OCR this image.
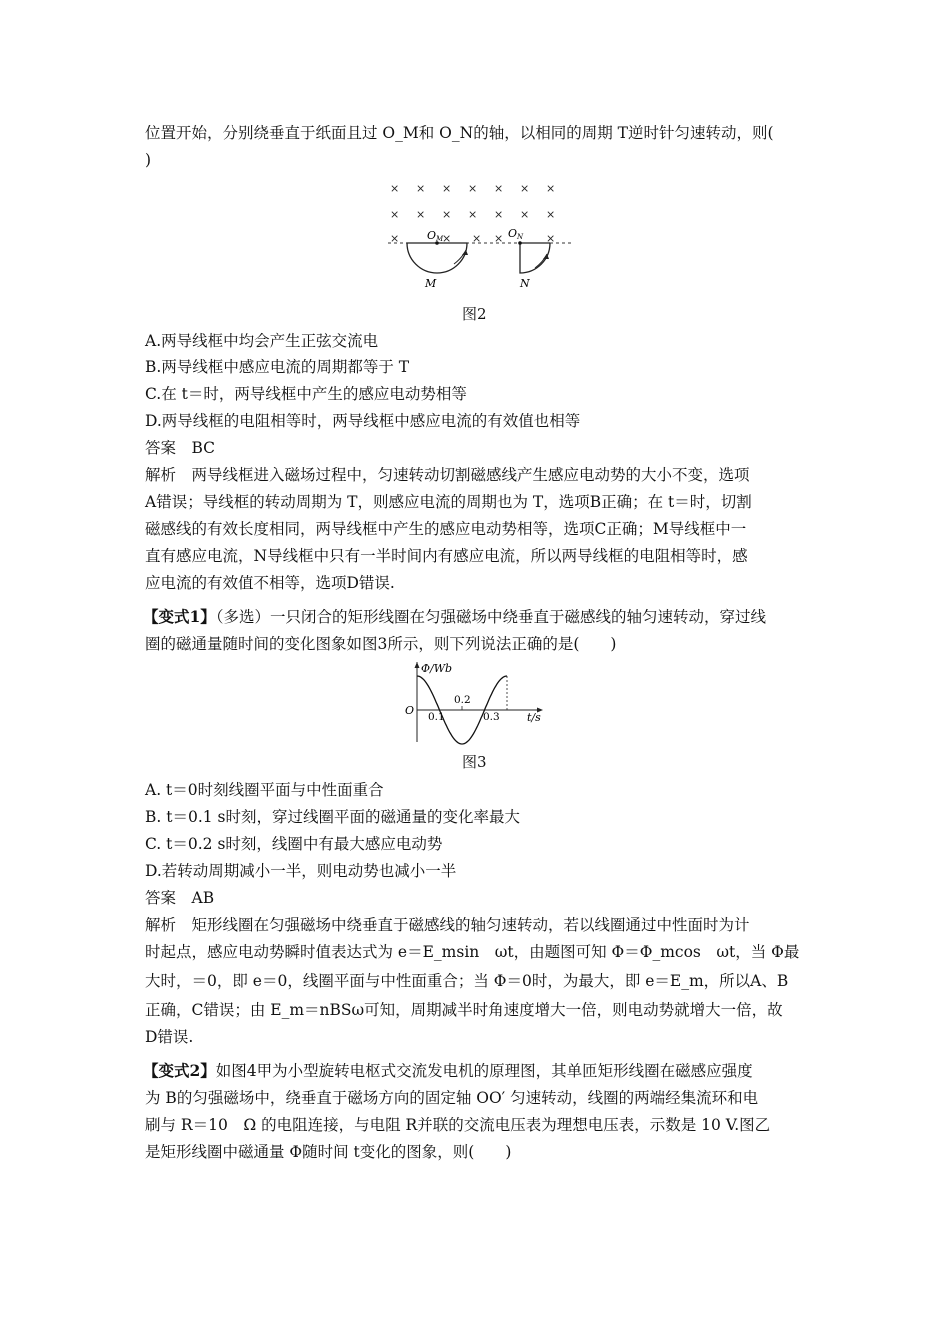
位置开始，分别绕垂直于纸面且过 O_M和 O_N的轴，以相同的周期 T逆时针匀速转动，则(
)
× × × × × × ×
× × × × × × ×
×	× × ×	×
OM	ON
M	N
图2
A.两导线框中均会产生正弦交流电
B.两导线框中感应电流的周期都等于 T
C.在 t＝时，两导线框中产生的感应电动势相等
D.两导线框的电阻相等时，两导线框中感应电流的有效值也相等
答案　BC
解析　两导线框进入磁场过程中，匀速转动切割磁感线产生感应电动势的大小不变，选项
A错误；导线框的转动周期为 T，则感应电流的周期也为 T，选项B正确；在 t＝时，切割
磁感线的有效长度相同，两导线框中产生的感应电动势相等，选项C正确；M导线框中一
直有感应电流，N导线框中只有一半时间内有感应电流，所以两导线框的电阻相等时，感
应电流的有效值不相等，选项D错误.
【变式1】（多选）一只闭合的矩形线圈在匀强磁场中绕垂直于磁感线的轴匀速转动，穿过线
圈的磁通量随时间的变化图象如图3所示，则下列说法正确的是(　　)
Φ/Wb
t/s
O 0.1
0.2
0.3
图3
A. t＝0时刻线圈平面与中性面重合
B. t＝0.1 s时刻，穿过线圈平面的磁通量的变化率最大
C. t＝0.2 s时刻，线圈中有最大感应电动势
D.若转动周期减小一半，则电动势也减小一半
答案　AB
解析　矩形线圈在匀强磁场中绕垂直于磁感线的轴匀速转动，若以线圈通过中性面时为计
时起点，感应电动势瞬时值表达式为 e＝E_msin　ωt，由题图可知 Φ＝Φ_mcos　ωt，当 Φ最
大时，＝0，即 e＝0，线圈平面与中性面重合；当 Φ＝0时，为最大，即 e＝E_m，所以A、B
正确，C错误；由 E_m＝nBSω可知，周期减半时角速度增大一倍，则电动势就增大一倍，故
D错误.
【变式2】如图4甲为小型旋转电枢式交流发电机的原理图，其单匝矩形线圈在磁感应强度
为 B的匀强磁场中，绕垂直于磁场方向的固定轴 OO′ 匀速转动，线圈的两端经集流环和电
刷与 R＝10　Ω 的电阻连接，与电阻 R并联的交流电压表为理想电压表，示数是 10 V.图乙
是矩形线圈中磁通量 Φ随时间 t变化的图象，则(　　)
